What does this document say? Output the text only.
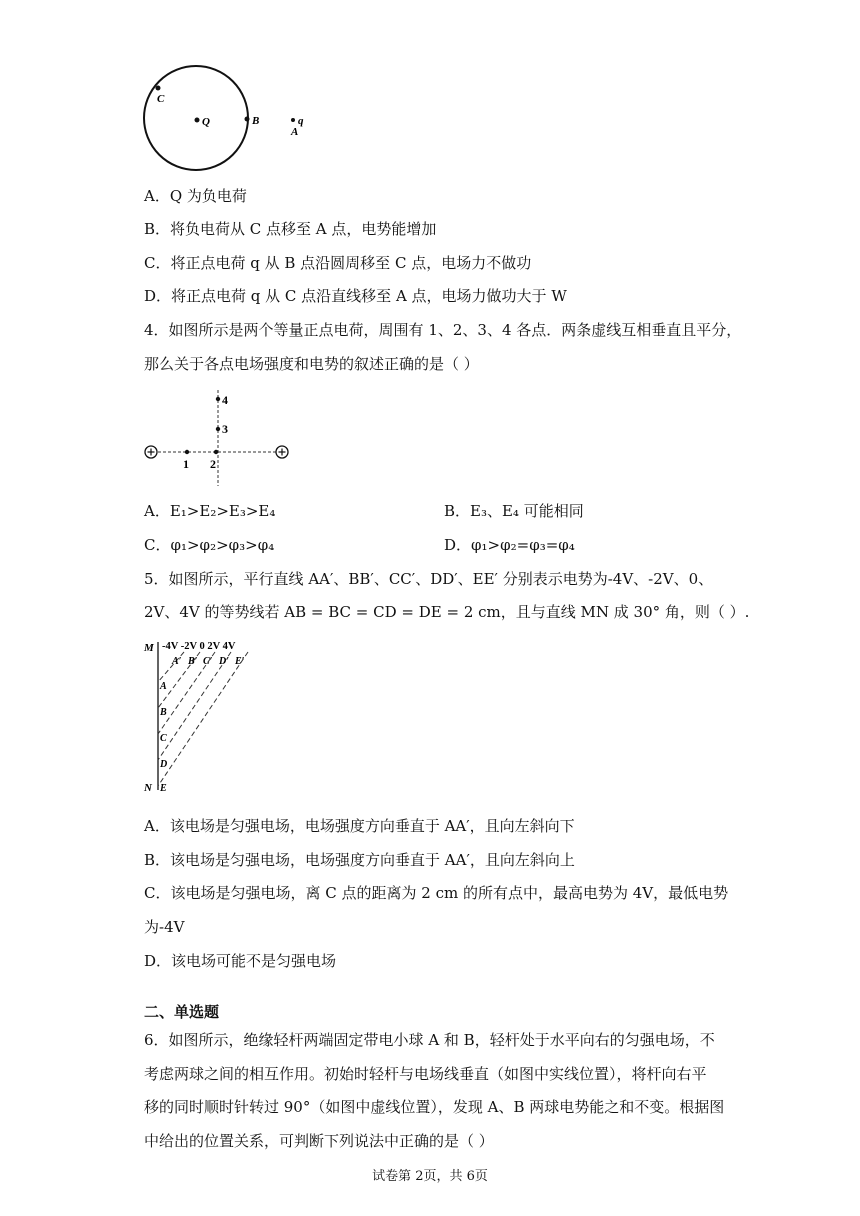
C
Q	B	q
A
A．Q 为负电荷
B．将负电荷从 C 点移至 A 点，电势能增加
C．将正点电荷 q 从 B 点沿圆周移至 C 点，电场力不做功
D．将正点电荷 q 从 C 点沿直线移至 A 点，电场力做功大于 W
4．如图所示是两个等量正点电荷，周围有 1、2、3、4 各点．两条虚线互相垂直且平分，
那么关于各点电场强度和电势的叙述正确的是（ ）
1 2
3
4
A．E₁>E₂>E₃>E₄	B．E₃、E₄ 可能相同
C．φ₁>φ₂>φ₃>φ₄	D．φ₁>φ₂=φ₃=φ₄
5．如图所示，平行直线 AA′、BB′、CC′、DD′、EE′ 分别表示电势为-4V、-2V、0、
2V、4V 的等势线若 AB = BC = CD = DE = 2 cm，且与直线 MN 成 30° 角，则（ ）.
M
N
-4V -2V 0 2V 4V
A′ B′ C′ D′ E′
A
B
C
D
E
A．该电场是匀强电场，电场强度方向垂直于 AA′，且向左斜向下
B．该电场是匀强电场，电场强度方向垂直于 AA′，且向左斜向上
C．该电场是匀强电场，离 C 点的距离为 2 cm 的所有点中，最高电势为 4V，最低电势
为-4V
D．该电场可能不是匀强电场
二、单选题
6．如图所示，绝缘轻杆两端固定带电小球 A 和 B，轻杆处于水平向右的匀强电场，不
考虑两球之间的相互作用。初始时轻杆与电场线垂直（如图中实线位置），将杆向右平
移的同时顺时针转过 90°（如图中虚线位置），发现 A、B 两球电势能之和不变。根据图
中给出的位置关系，可判断下列说法中正确的是（ ）
试卷第 2页，共 6页
